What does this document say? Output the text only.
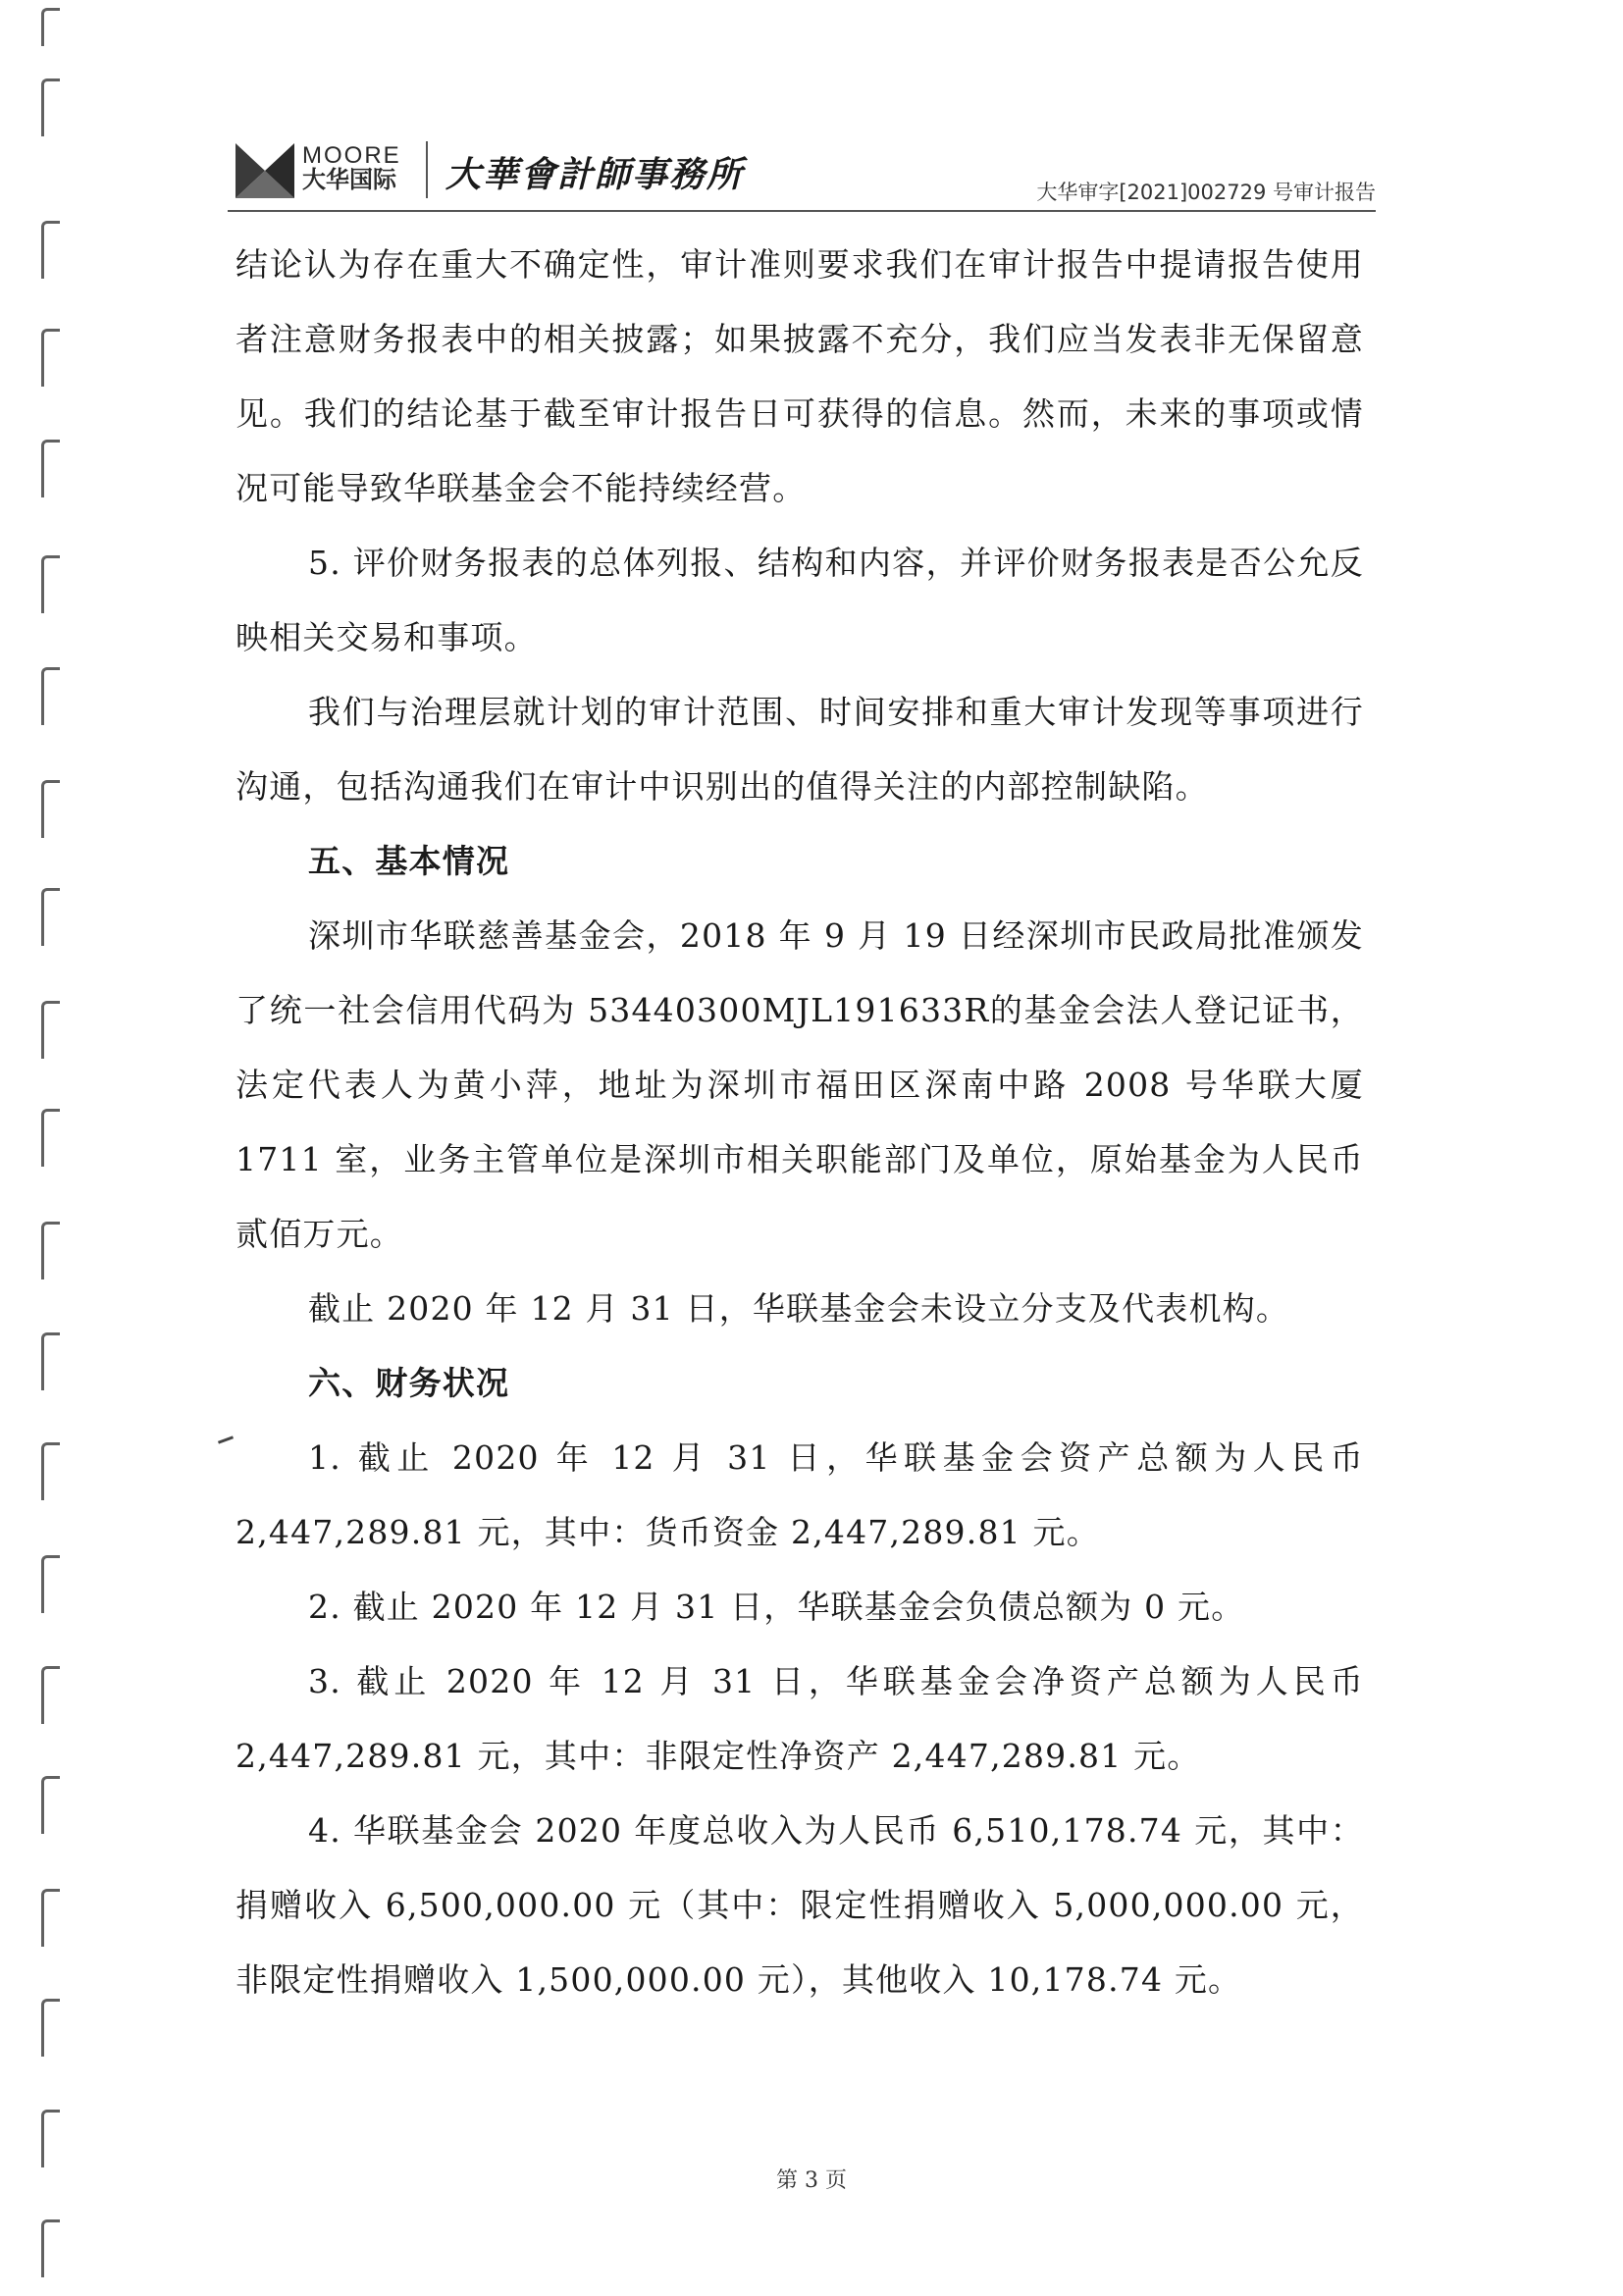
MOORE
大华国际 大華會計師事務所	大华审字[2021]002729 号审计报告

结论认为存在重大不确定性，审计准则要求我们在审计报告中提请报告使用者注意财务报表中的相关披露；如果披露不充分，我们应当发表非无保留意见。我们的结论基于截至审计报告日可获得的信息。然而，未来的事项或情况可能导致华联基金会不能持续经营。

5. 评价财务报表的总体列报、结构和内容，并评价财务报表是否公允反映相关交易和事项。

我们与治理层就计划的审计范围、时间安排和重大审计发现等事项进行沟通，包括沟通我们在审计中识别出的值得关注的内部控制缺陷。

五、基本情况

深圳市华联慈善基金会，2018 年 9 月 19 日经深圳市民政局批准颁发了统一社会信用代码为 53440300MJL191633R的基金会法人登记证书，法定代表人为黄小萍，地址为深圳市福田区深南中路 2008 号华联大厦 1711 室，业务主管单位是深圳市相关职能部门及单位，原始基金为人民币贰佰万元。

截止 2020 年 12 月 31 日，华联基金会未设立分支及代表机构。

六、财务状况

1. 截止 2020 年 12 月 31 日，华联基金会资产总额为人民币 2,447,289.81 元，其中：货币资金 2,447,289.81 元。

2. 截止 2020 年 12 月 31 日，华联基金会负债总额为 0 元。

3. 截止 2020 年 12 月 31 日，华联基金会净资产总额为人民币 2,447,289.81 元，其中：非限定性净资产 2,447,289.81 元。

4. 华联基金会 2020 年度总收入为人民币 6,510,178.74 元，其中：捐赠收入 6,500,000.00 元（其中：限定性捐赠收入 5,000,000.00 元，非限定性捐赠收入 1,500,000.00 元），其他收入 10,178.74 元。

第 3 页
